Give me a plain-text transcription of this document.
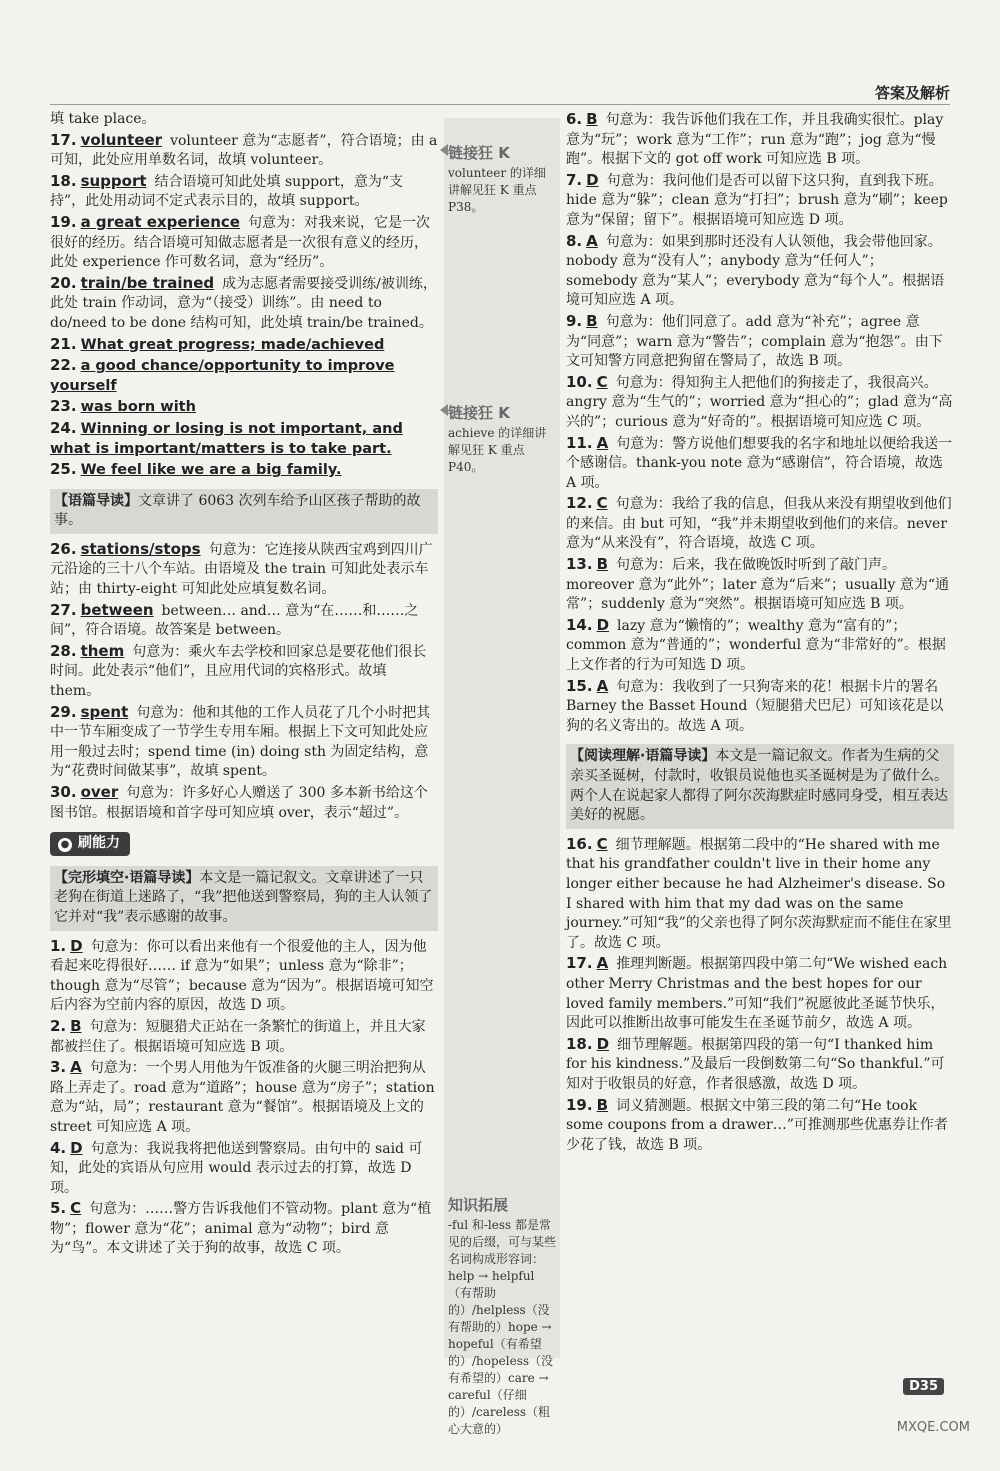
答案及解析
填 take place。
17. volunteer volunteer 意为“志愿者”，符合语境；由 a 可知，此处应用单数名词，故填 volunteer。
18. support 结合语境可知此处填 support，意为“支持”，此处用动词不定式表示目的，故填 support。
19. a great experience 句意为：对我来说，它是一次很好的经历。结合语境可知做志愿者是一次很有意义的经历，此处 experience 作可数名词，意为“经历”。
20. train/be trained 成为志愿者需要接受训练/被训练，此处 train 作动词，意为“（接受）训练”。由 need to do/need to be done 结构可知，此处填 train/be trained。
21. What great progress; made/achieved
22. a good chance/opportunity to improve yourself
23. was born with
24. Winning or losing is not important, and what is important/matters is to take part.
25. We feel like we are a big family.
【语篇导读】文章讲了 6063 次列车给予山区孩子帮助的故事。
26. stations/stops 句意为：它连接从陕西宝鸡到四川广元沿途的三十八个车站。由语境及 the train 可知此处表示车站；由 thirty-eight 可知此处应填复数名词。
27. between between… and… 意为“在……和……之间”，符合语境。故答案是 between。
28. them 句意为：乘火车去学校和回家总是要花他们很长时间。此处表示“他们”，且应用代词的宾格形式。故填 them。
29. spent 句意为：他和其他的工作人员花了几个小时把其中一节车厢变成了一节学生专用车厢。根据上下文可知此处应用一般过去时；spend time (in) doing sth 为固定结构，意为“花费时间做某事”，故填 spent。
30. over 句意为：许多好心人赠送了 300 多本新书给这个图书馆。根据语境和首字母可知应填 over，表示“超过”。
● 刷能力
【完形填空·语篇导读】本文是一篇记叙文。文章讲述了一只老狗在街道上迷路了，“我”把他送到警察局，狗的主人认领了它并对“我”表示感谢的故事。
1. D 句意为：你可以看出来他有一个很爱他的主人，因为他看起来吃得很好…… if 意为“如果”；unless 意为“除非”；though 意为“尽管”；because 意为“因为”。根据语境可知空后内容为空前内容的原因，故选 D 项。
2. B 句意为：短腿猎犬正站在一条繁忙的街道上，并且大家都被拦住了。根据语境可知应选 B 项。
3. A 句意为：一个男人用他为午饭准备的火腿三明治把狗从路上弄走了。road 意为“道路”；house 意为“房子”；station 意为“站，局”；restaurant 意为“餐馆”。根据语境及上文的 street 可知应选 A 项。
4. D 句意为：我说我将把他送到警察局。由句中的 said 可知，此处的宾语从句应用 would 表示过去的打算，故选 D 项。
5. C 句意为：……警方告诉我他们不管动物。plant 意为“植物”；flower 意为“花”；animal 意为“动物”；bird 意为“鸟”。本文讲述了关于狗的故事，故选 C 项。
链接狂 K
volunteer 的详细讲解见狂 K 重点 P38。
链接狂 K
achieve 的详细讲解见狂 K 重点 P40。
知识拓展
-ful 和-less 都是常见的后缀，可与某些名词构成形容词：help → helpful（有帮助的）/helpless（没有帮助的）hope → hopeful（有希望的）/hopeless（没有希望的）care → careful（仔细的）/careless（粗心大意的）
6. B 句意为：我告诉他们我在工作，并且我确实很忙。play 意为“玩”；work 意为“工作”；run 意为“跑”；jog 意为“慢跑”。根据下文的 got off work 可知应选 B 项。
7. D 句意为：我问他们是否可以留下这只狗，直到我下班。hide 意为“躲”；clean 意为“打扫”；brush 意为“刷”；keep 意为“保留；留下”。根据语境可知应选 D 项。
8. A 句意为：如果到那时还没有人认领他，我会带他回家。nobody 意为“没有人”；anybody 意为“任何人”；somebody 意为“某人”；everybody 意为“每个人”。根据语境可知应选 A 项。
9. B 句意为：他们同意了。add 意为“补充”；agree 意为“同意”；warn 意为“警告”；complain 意为“抱怨”。由下文可知警方同意把狗留在警局了，故选 B 项。
10. C 句意为：得知狗主人把他们的狗接走了，我很高兴。angry 意为“生气的”；worried 意为“担心的”；glad 意为“高兴的”；curious 意为“好奇的”。根据语境可知应选 C 项。
11. A 句意为：警方说他们想要我的名字和地址以便给我送一个感谢信。thank-you note 意为“感谢信”，符合语境，故选 A 项。
12. C 句意为：我给了我的信息，但我从来没有期望收到他们的来信。由 but 可知，“我”并未期望收到他们的来信。never 意为“从来没有”，符合语境，故选 C 项。
13. B 句意为：后来，我在做晚饭时听到了敲门声。moreover 意为“此外”；later 意为“后来”；usually 意为“通常”；suddenly 意为“突然”。根据语境可知应选 B 项。
14. D lazy 意为“懒惰的”；wealthy 意为“富有的”；common 意为“普通的”；wonderful 意为“非常好的”。根据上文作者的行为可知选 D 项。
15. A 句意为：我收到了一只狗寄来的花！根据卡片的署名 Barney the Basset Hound（短腿猎犬巴尼）可知该花是以狗的名义寄出的。故选 A 项。
【阅读理解·语篇导读】本文是一篇记叙文。作者为生病的父亲买圣诞树，付款时，收银员说他也买圣诞树是为了做什么。两个人在说起家人都得了阿尔茨海默症时感同身受，相互表达美好的祝愿。
16. C 细节理解题。根据第二段中的“He shared with me that his grandfather couldn't live in their home any longer either because he had Alzheimer's disease. So I shared with him that my dad was on the same journey.”可知“我”的父亲也得了阿尔茨海默症而不能住在家里了。故选 C 项。
17. A 推理判断题。根据第四段中第二句“We wished each other Merry Christmas and the best hopes for our loved family members.”可知“我们”祝愿彼此圣诞节快乐，因此可以推断出故事可能发生在圣诞节前夕，故选 A 项。
18. D 细节理解题。根据第四段的第一句“I thanked him for his kindness.”及最后一段倒数第二句“So thankful.”可知对于收银员的好意，作者很感激，故选 D 项。
19. B 词义猜测题。根据文中第三段的第二句“He took some coupons from a drawer…”可推测那些优惠券让作者少花了钱，故选 B 项。
D35
MXQE.COM
